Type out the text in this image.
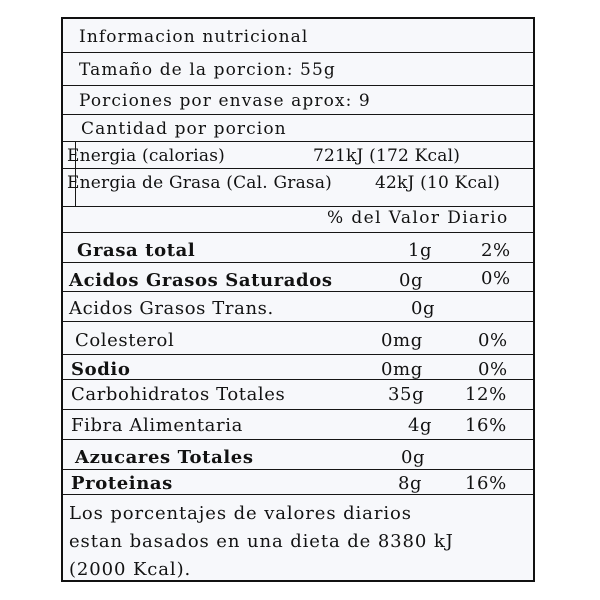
Informacion nutricional
Tamaño de la porcion: 55g
Porciones por envase aprox: 9
Cantidad por porcion
Energia (calorias)	721kJ (172 Kcal)
Energia de Grasa (Cal. Grasa)	42kJ (10 Kcal)
% del Valor Diario
Grasa total	1g	2%
Acidos Grasos Saturados	0g	0%
Acidos Grasos Trans.	0g
Colesterol	0mg	0%
Sodio	0mg	0%
Carbohidratos Totales	35g 12%
Fibra Alimentaria	4g 16%
Azucares Totales	0g
Proteinas	8g 16%
Los porcentajes de valores diarios
estan basados en una dieta de 8380 kJ
(2000 Kcal).
